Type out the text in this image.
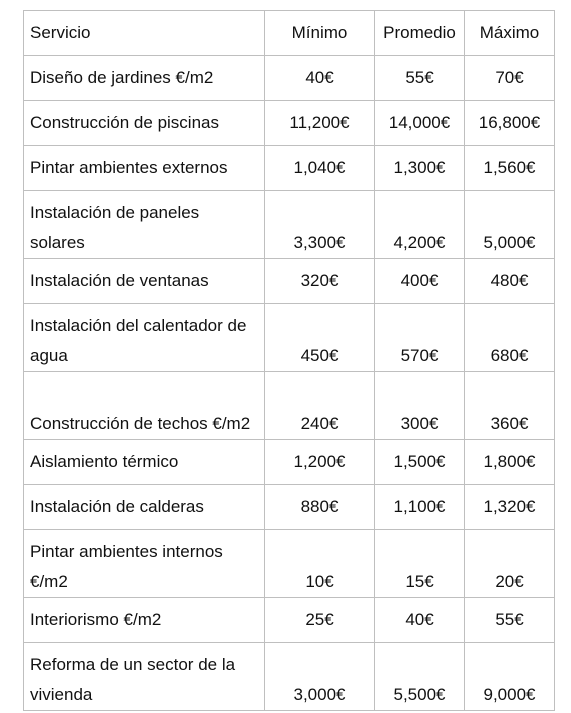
Servicio	Mínimo	Promedio	Máximo
Diseño de jardines €/m2	40€	55€	70€
Construcción de piscinas	11,200€	14,000€	16,800€
Pintar ambientes externos	1,040€	1,300€	1,560€
Instalación de paneles solares	3,300€	4,200€	5,000€
Instalación de ventanas	320€	400€	480€
Instalación del calentador de agua	450€	570€	680€
Construcción de techos €/m2	240€	300€	360€
Aislamiento térmico	1,200€	1,500€	1,800€
Instalación de calderas	880€	1,100€	1,320€
Pintar ambientes internos €/m2	10€	15€	20€
Interiorismo €/m2	25€	40€	55€
Reforma de un sector de la vivienda	3,000€	5,500€	9,000€
